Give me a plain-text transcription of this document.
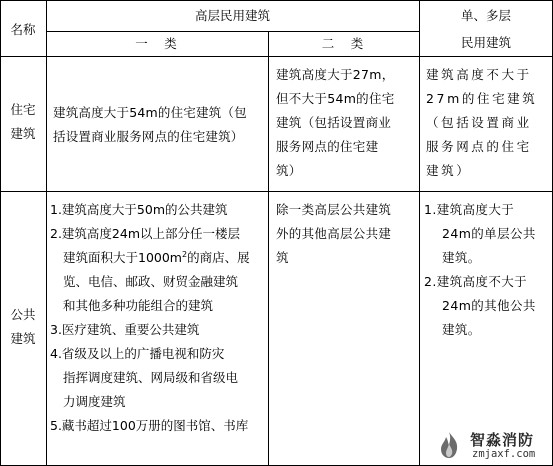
名称
高层民用建筑
一　类	二　类
单、多层
民用建筑
住宅
建筑
建筑高度大于54m的住宅建筑（包
括设置商业服务网点的住宅建筑）
建筑高度大于27m，
但不大于54m的住宅
建筑（包括设置商业
服务网点的住宅建
筑）
建筑高度不大于
27m的住宅建筑
（包括设置商业
服务网点的住宅
建筑）
公共
建筑
1.建筑高度大于50m的公共建筑
2.建筑高度24m以上部分任一楼层
建筑面积大于$1000m^2$的商店、展
览、电信、邮政、财贸金融建筑
和其他多种功能组合的建筑
3.医疗建筑、重要公共建筑
4.省级及以上的广播电视和防灾
指挥调度建筑、网局级和省级电
力调度建筑
5.藏书超过100万册的图书馆、书库
除一类高层公共建筑
外的其他高层公共建
筑
1.建筑高度大于
24m的单层公共
建筑。
2.建筑高度不大于
24m的其他公共
建筑。
智淼消防
zmjaxf.com
